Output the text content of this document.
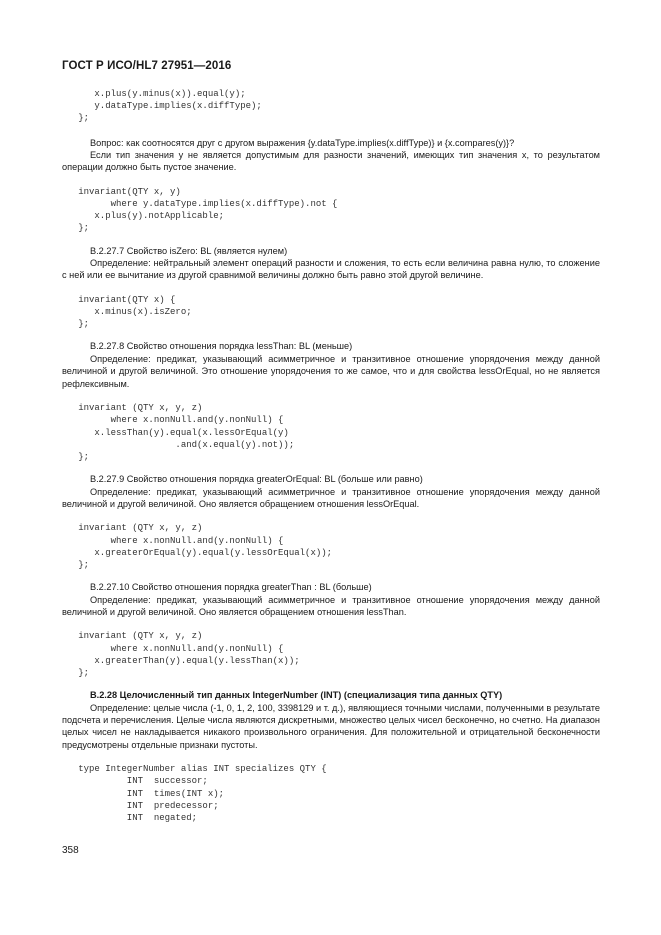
ГОСТ Р ИСО/HL7 27951—2016
x.plus(y.minus(x)).equal(y);
y.dataType.implies(x.diffType);
};

Вопрос: как соотносятся друг с другом выражения {y.dataType.implies(x.diffType)} и {x.compares(y)}?

Если тип значения y не является допустимым для разности значений, имеющих тип значения x, то результатом операции должно быть пустое значение.

invariant(QTY x, y)
where y.dataType.implies(x.diffType).not {
x.plus(y).notApplicable;
};

B.2.27.7 Свойство isZero: BL (является нулем)

Определение: нейтральный элемент операций разности и сложения, то есть если величина равна нулю, то сложение с ней или ее вычитание из другой сравнимой величины должно быть равно этой другой величине.

invariant(QTY x) {
x.minus(x).isZero;
};

B.2.27.8 Свойство отношения порядка lessThan: BL (меньше)

Определение: предикат, указывающий асимметричное и транзитивное отношение упорядочения между данной величиной и другой величиной. Это отношение упорядочения то же самое, что и для свойства lessOrEqual, но не является рефлексивным.

invariant (QTY x, y, z)
where x.nonNull.and(y.nonNull) {
x.lessThan(y).equal(x.lessOrEqual(y)
.and(x.equal(y).not));
};

B.2.27.9 Свойство отношения порядка greaterOrEqual: BL (больше или равно)

Определение: предикат, указывающий асимметричное и транзитивное отношение упорядочения между данной величиной и другой величиной. Оно является обращением отношения lessOrEqual.

invariant (QTY x, y, z)
where x.nonNull.and(y.nonNull) {
x.greaterOrEqual(y).equal(y.lessOrEqual(x));
};

B.2.27.10 Свойство отношения порядка greaterThan : BL (больше)

Определение: предикат, указывающий асимметричное и транзитивное отношение упорядочения между данной величиной и другой величиной. Оно является обращением отношения lessThan.

invariant (QTY x, y, z)
where x.nonNull.and(y.nonNull) {
x.greaterThan(y).equal(y.lessThan(x));
};

B.2.28 Целочисленный тип данных IntegerNumber (INT) (специализация типа данных QTY)

Определение: целые числа (-1, 0, 1, 2, 100, 3398129 и т. д.), являющиеся точными числами, полученными в результате подсчета и перечисления. Целые числа являются дискретными, множество целых чисел бесконечно, но счетно. На диапазон целых чисел не накладывается никакого произвольного ограничения. Для положительной и отрицательной бесконечности предусмотрены отдельные признаки пустоты.

type IntegerNumber alias INT specializes QTY {
INT  successor;
INT  times(INT x);
INT  predecessor;
INT  negated;
358
